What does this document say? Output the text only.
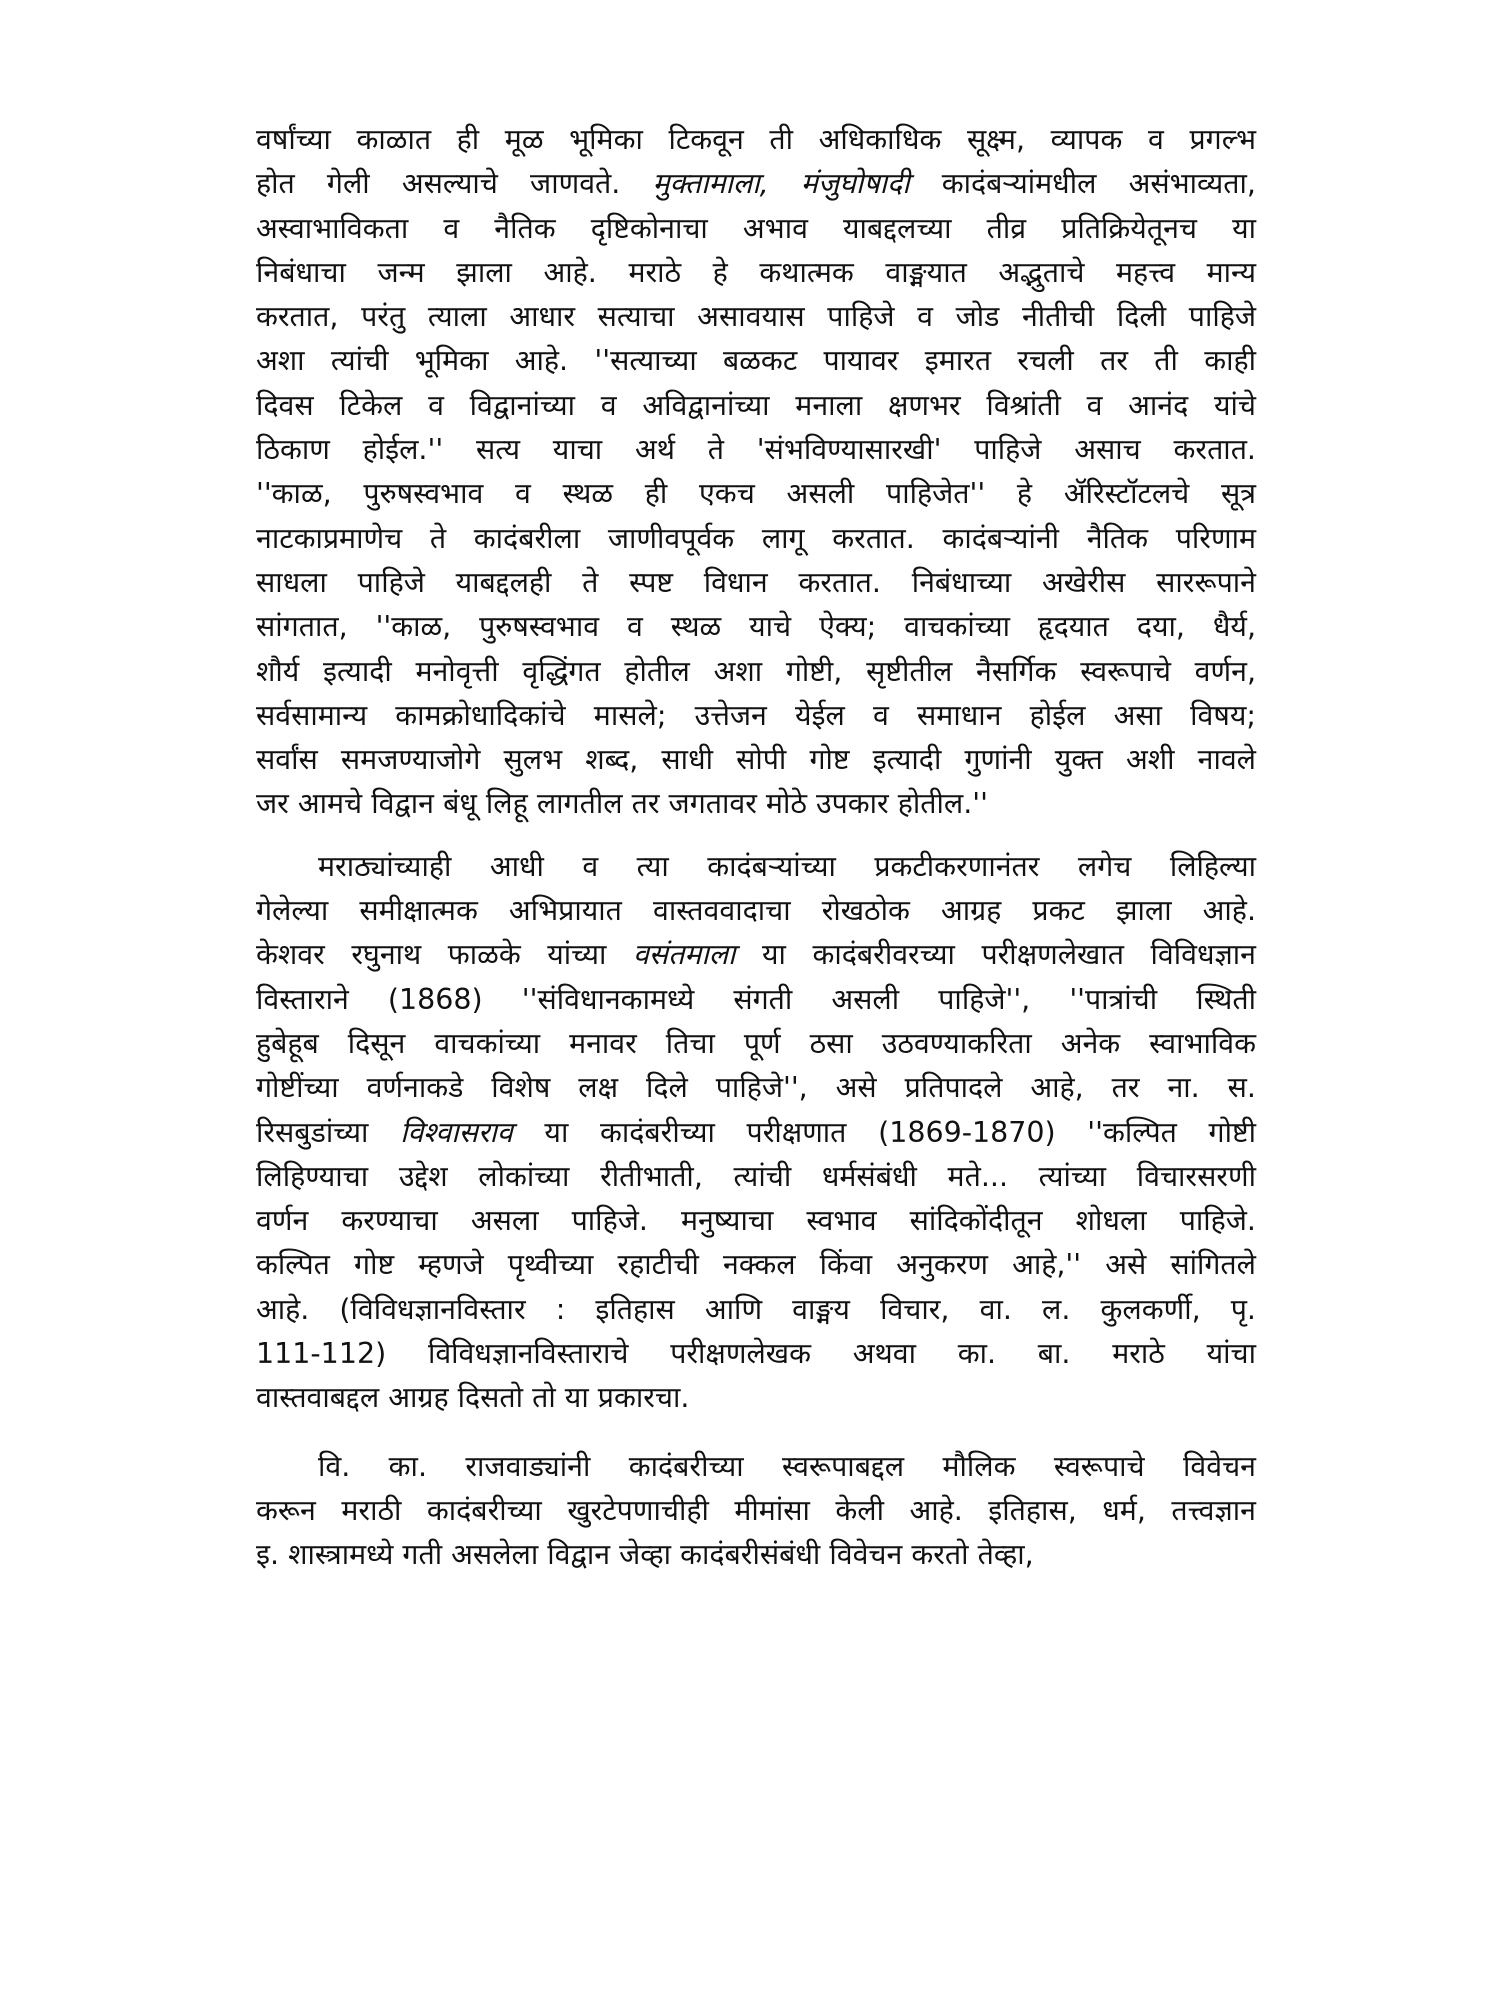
वर्षांच्या काळात ही मूळ भूमिका टिकवून ती अधिकाधिक सूक्ष्म, व्यापक व प्रगल्भ
होत गेली असल्याचे जाणवते. मुक्तामाला, मंजुघोषादी कादंबऱ्यांमधील असंभाव्यता,
अस्वाभाविकता व नैतिक दृष्टिकोनाचा अभाव याबद्दलच्या तीव्र प्रतिक्रियेतूनच या
निबंधाचा जन्म झाला आहे. मराठे हे कथात्मक वाङ्मयात अद्भुताचे महत्त्व मान्य
करतात, परंतु त्याला आधार सत्याचा असावयास पाहिजे व जोड नीतीची दिली पाहिजे
अशा त्यांची भूमिका आहे. ''सत्याच्या बळकट पायावर इमारत रचली तर ती काही
दिवस टिकेल व विद्वानांच्या व अविद्वानांच्या मनाला क्षणभर विश्रांती व आनंद यांचे
ठिकाण होईल.'' सत्य याचा अर्थ ते 'संभविण्यासारखी' पाहिजे असाच करतात.
''काळ, पुरुषस्वभाव व स्थळ ही एकच असली पाहिजेत'' हे ॲरिस्टॉटलचे सूत्र
नाटकाप्रमाणेच ते कादंबरीला जाणीवपूर्वक लागू करतात. कादंबऱ्यांनी नैतिक परिणाम
साधला पाहिजे याबद्दलही ते स्पष्ट विधान करतात. निबंधाच्या अखेरीस साररूपाने
सांगतात, ''काळ, पुरुषस्वभाव व स्थळ याचे ऐक्य; वाचकांच्या हृदयात दया, धैर्य,
शौर्य इत्यादी मनोवृत्ती वृद्धिंगत होतील अशा गोष्टी, सृष्टीतील नैसर्गिक स्वरूपाचे वर्णन,
सर्वसामान्य कामक्रोधादिकांचे मासले; उत्तेजन येईल व समाधान होईल असा विषय;
सर्वांस समजण्याजोगे सुलभ शब्द, साधी सोपी गोष्ट इत्यादी गुणांनी युक्त अशी नावले
जर आमचे विद्वान बंधू लिहू लागतील तर जगतावर मोठे उपकार होतील.''
मराठ्यांच्याही आधी व त्या कादंबऱ्यांच्या प्रकटीकरणानंतर लगेच लिहिल्या
गेलेल्या समीक्षात्मक अभिप्रायात वास्तववादाचा रोखठोक आग्रह प्रकट झाला आहे.
केशवर रघुनाथ फाळके यांच्या वसंतमाला या कादंबरीवरच्या परीक्षणलेखात विविधज्ञान
विस्ताराने (1868) ''संविधानकामध्ये संगती असली पाहिजे'', ''पात्रांची स्थिती
हुबेहूब दिसून वाचकांच्या मनावर तिचा पूर्ण ठसा उठवण्याकरिता अनेक स्वाभाविक
गोष्टींच्या वर्णनाकडे विशेष लक्ष दिले पाहिजे'', असे प्रतिपादले आहे, तर ना. स.
रिसबुडांच्या विश्वासराव या कादंबरीच्या परीक्षणात (1869-1870) ''कल्पित गोष्टी
लिहिण्याचा उद्देश लोकांच्या रीतीभाती, त्यांची धर्मसंबंधी मते... त्यांच्या विचारसरणी
वर्णन करण्याचा असला पाहिजे. मनुष्याचा स्वभाव सांदिकोंदीतून शोधला पाहिजे.
कल्पित गोष्ट म्हणजे पृथ्वीच्या रहाटीची नक्कल किंवा अनुकरण आहे,'' असे सांगितले
आहे. (विविधज्ञानविस्तार : इतिहास आणि वाङ्मय विचार, वा. ल. कुलकर्णी, पृ.
111-112) विविधज्ञानविस्ताराचे परीक्षणलेखक अथवा का. बा. मराठे यांचा
वास्तवाबद्दल आग्रह दिसतो तो या प्रकारचा.
वि. का. राजवाड्यांनी कादंबरीच्या स्वरूपाबद्दल मौलिक स्वरूपाचे विवेचन
करून मराठी कादंबरीच्या खुरटेपणाचीही मीमांसा केली आहे. इतिहास, धर्म, तत्त्वज्ञान
इ. शास्त्रामध्ये गती असलेला विद्वान जेव्हा कादंबरीसंबंधी विवेचन करतो तेव्हा,
